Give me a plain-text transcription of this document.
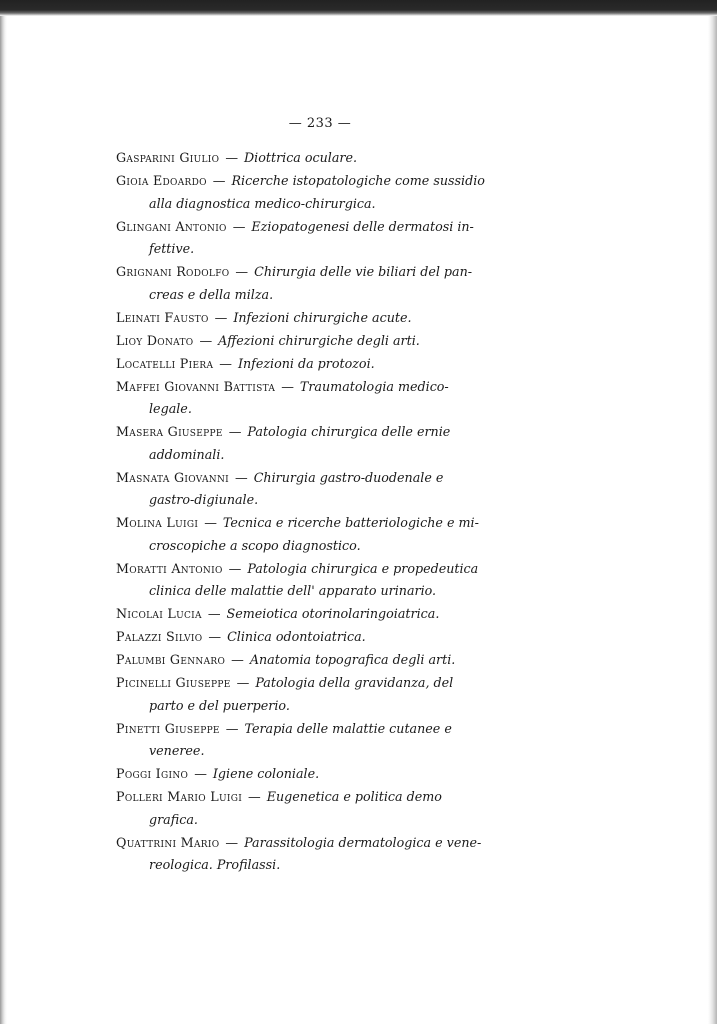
— 233 —
Gasparini Giulio — Diottrica oculare.
Gioia Edoardo — Ricerche istopatologiche come sussidio
alla diagnostica medico-chirurgica.
Glingani Antonio — Eziopatogenesi delle dermatosi in-
fettive.
Grignani Rodolfo — Chirurgia delle vie biliari del pan-
creas e della milza.
Leinati Fausto — Infezioni chirurgiche acute.
Lioy Donato — Affezioni chirurgiche degli arti.
Locatelli Piera — Infezioni da protozoi.
Maffei Giovanni Battista — Traumatologia medico-
legale.
Masera Giuseppe — Patologia chirurgica delle ernie
addominali.
Masnata Giovanni — Chirurgia gastro-duodenale e
gastro-digiunale.
Molina Luigi — Tecnica e ricerche batteriologiche e mi-
croscopiche a scopo diagnostico.
Moratti Antonio — Patologia chirurgica e propedeutica
clinica delle malattie dell' apparato urinario.
Nicolai Lucia — Semeiotica otorinolaringoiatrica.
Palazzi Silvio — Clinica odontoiatrica.
Palumbi Gennaro — Anatomia topografica degli arti.
Picinelli Giuseppe — Patologia della gravidanza, del
parto e del puerperio.
Pinetti Giuseppe — Terapia delle malattie cutanee e
veneree.
Poggi Igino — Igiene coloniale.
Polleri Mario Luigi — Eugenetica e politica demo
grafica.
Quattrini Mario — Parassitologia dermatologica e vene-
reologica. Profilassi.
